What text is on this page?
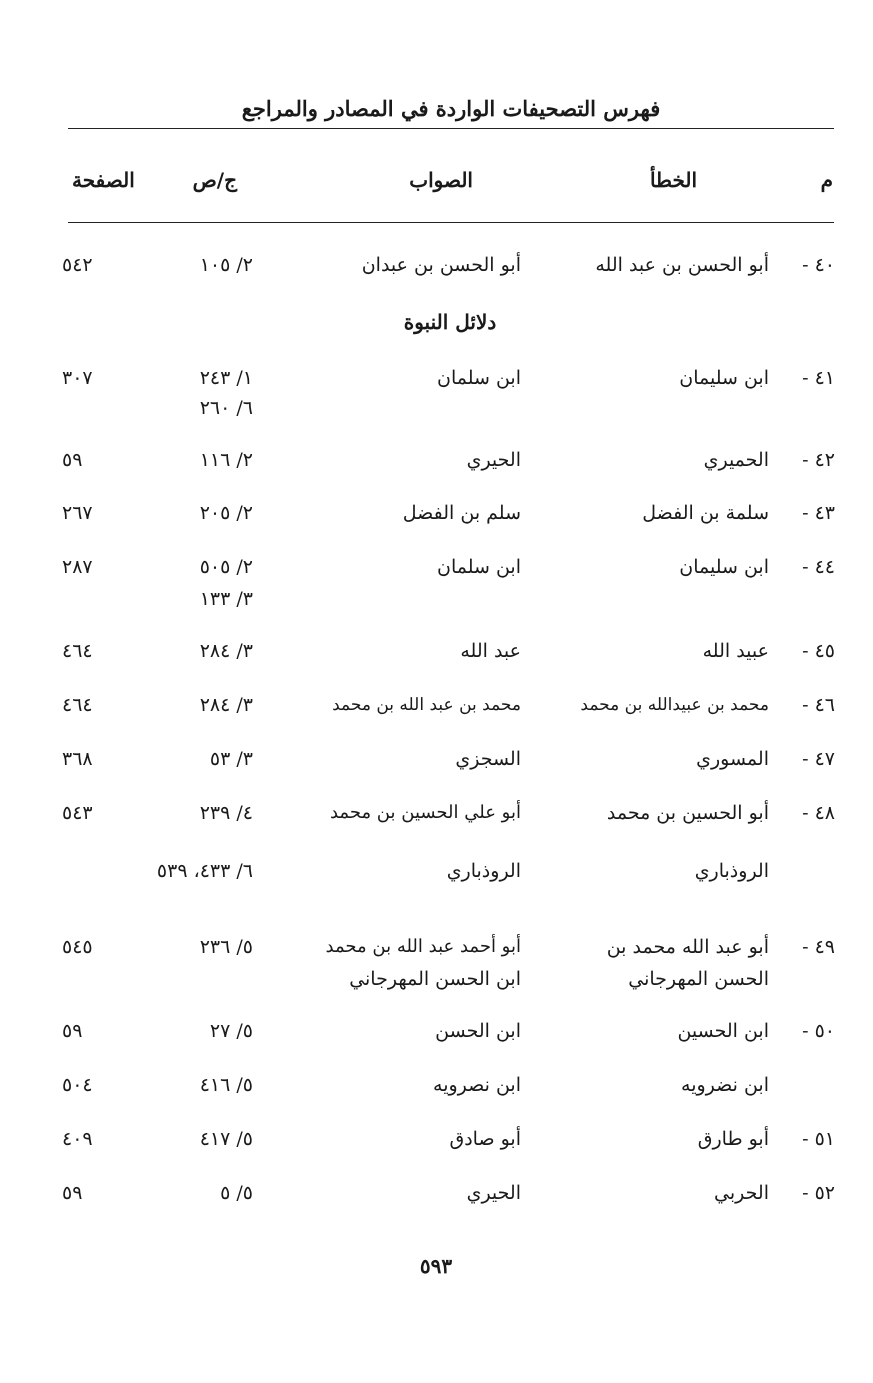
فهرس التصحيفات الواردة في المصادر والمراجع
م
الخطأ
الصواب
ج/ص
الصفحة
٤٠ -
أبو الحسن بن عبد الله
أبو الحسن بن عبدان
٢/ ١٠٥
٥٤٢
دلائل النبوة
٤١ -
ابن سليمان
ابن سلمان
١/ ٢٤٣
٦/ ٢٦٠
٣٠٧
٤٢ -
الحميري
الحيري
٢/ ١١٦
٥٩
٤٣ -
سلمة بن الفضل
سلم بن الفضل
٢/ ٢٠٥
٢٦٧
٤٤ -
ابن سليمان
ابن سلمان
٢/ ٥٠٥
٣/ ١٣٣
٢٨٧
٤٥ -
عبيد الله
عبد الله
٣/ ٢٨٤
٤٦٤
٤٦ -
محمد بن عبيدالله بن محمد
محمد بن عبد الله بن محمد
٣/ ٢٨٤
٤٦٤
٤٧ -
المسوري
السجزي
٣/ ٥٣
٣٦٨
٤٨ -
أبو الحسين بن محمد
أبو علي الحسين بن محمد
٤/ ٢٣٩
٥٤٣
الروذباري
الروذباري
٦/ ٤٣٣، ٥٣٩
٤٩ -
أبو عبد الله محمد بن
الحسن المهرجاني
أبو أحمد عبد الله بن محمد
ابن الحسن المهرجاني
٥/ ٢٣٦
٥٤٥
٥٠ -
ابن الحسين
ابن الحسن
٥/ ٢٧
٥٩
ابن نضرويه
ابن نصرويه
٥/ ٤١٦
٥٠٤
٥١ -
أبو طارق
أبو صادق
٥/ ٤١٧
٤٠٩
٥٢ -
الحربي
الحيري
٥/ ٥
٥٩
٥٩٣
